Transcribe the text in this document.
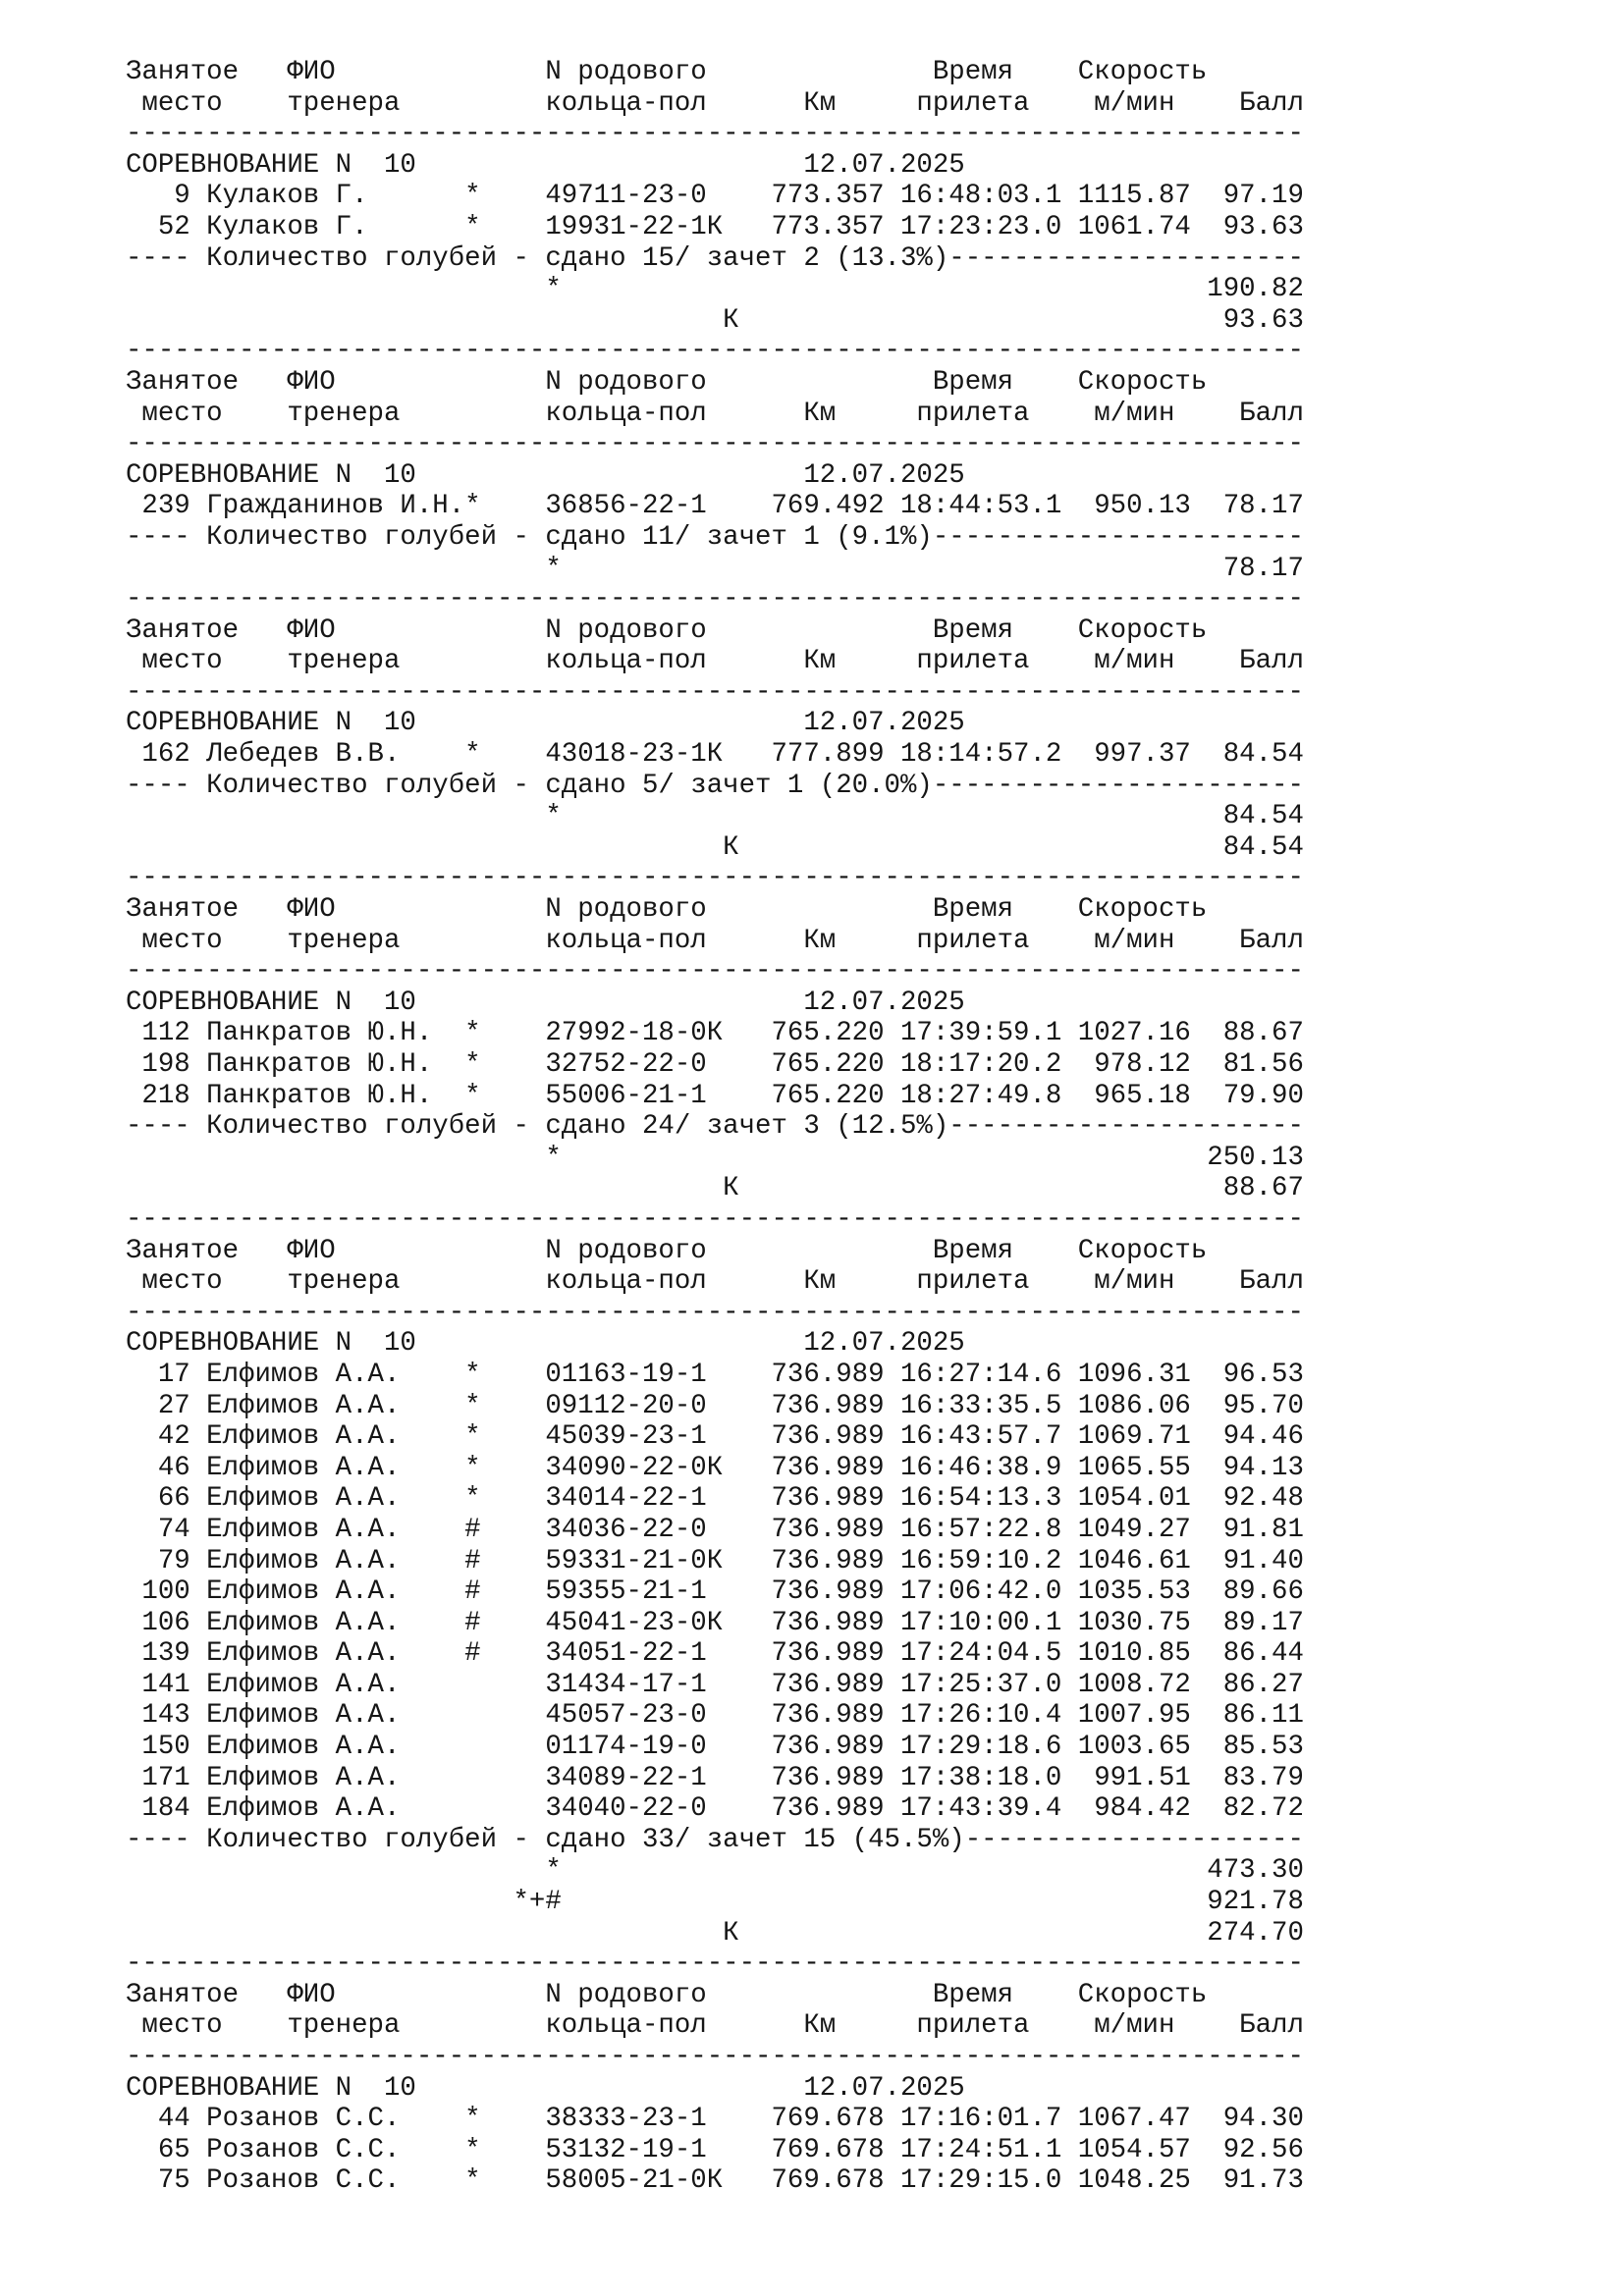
Занятое   ФИО             N родового              Время    Скорость
место    тренера         кольца-пол      Км     прилета    м/мин    Балл
-------------------------------------------------------------------------
СОРЕВНОВАНИЕ N  10                        12.07.2025
9 Кулаков Г.      *    49711-23-0    773.357 16:48:03.1 1115.87  97.19
52 Кулаков Г.      *    19931-22-1К   773.357 17:23:23.0 1061.74  93.63
---- Количество голубей - сдано 15/ зачет 2 (13.3%)----------------------
*                                        190.82
К                              93.63
-------------------------------------------------------------------------
Занятое   ФИО             N родового              Время    Скорость
место    тренера         кольца-пол      Км     прилета    м/мин    Балл
-------------------------------------------------------------------------
СОРЕВНОВАНИЕ N  10                        12.07.2025
239 Гражданинов И.Н.*    36856-22-1    769.492 18:44:53.1  950.13  78.17
---- Количество голубей - сдано 11/ зачет 1 (9.1%)-----------------------
*                                         78.17
-------------------------------------------------------------------------
Занятое   ФИО             N родового              Время    Скорость
место    тренера         кольца-пол      Км     прилета    м/мин    Балл
-------------------------------------------------------------------------
СОРЕВНОВАНИЕ N  10                        12.07.2025
162 Лебедев В.В.    *    43018-23-1К   777.899 18:14:57.2  997.37  84.54
---- Количество голубей - сдано 5/ зачет 1 (20.0%)-----------------------
*                                         84.54
К                              84.54
-------------------------------------------------------------------------
Занятое   ФИО             N родового              Время    Скорость
место    тренера         кольца-пол      Км     прилета    м/мин    Балл
-------------------------------------------------------------------------
СОРЕВНОВАНИЕ N  10                        12.07.2025
112 Панкратов Ю.Н.  *    27992-18-0К   765.220 17:39:59.1 1027.16  88.67
198 Панкратов Ю.Н.  *    32752-22-0    765.220 18:17:20.2  978.12  81.56
218 Панкратов Ю.Н.  *    55006-21-1    765.220 18:27:49.8  965.18  79.90
---- Количество голубей - сдано 24/ зачет 3 (12.5%)----------------------
*                                        250.13
К                              88.67
-------------------------------------------------------------------------
Занятое   ФИО             N родового              Время    Скорость
место    тренера         кольца-пол      Км     прилета    м/мин    Балл
-------------------------------------------------------------------------
СОРЕВНОВАНИЕ N  10                        12.07.2025
17 Елфимов А.А.    *    01163-19-1    736.989 16:27:14.6 1096.31  96.53
27 Елфимов А.А.    *    09112-20-0    736.989 16:33:35.5 1086.06  95.70
42 Елфимов А.А.    *    45039-23-1    736.989 16:43:57.7 1069.71  94.46
46 Елфимов А.А.    *    34090-22-0К   736.989 16:46:38.9 1065.55  94.13
66 Елфимов А.А.    *    34014-22-1    736.989 16:54:13.3 1054.01  92.48
74 Елфимов А.А.    #    34036-22-0    736.989 16:57:22.8 1049.27  91.81
79 Елфимов А.А.    #    59331-21-0К   736.989 16:59:10.2 1046.61  91.40
100 Елфимов А.А.    #    59355-21-1    736.989 17:06:42.0 1035.53  89.66
106 Елфимов А.А.    #    45041-23-0К   736.989 17:10:00.1 1030.75  89.17
139 Елфимов А.А.    #    34051-22-1    736.989 17:24:04.5 1010.85  86.44
141 Елфимов А.А.         31434-17-1    736.989 17:25:37.0 1008.72  86.27
143 Елфимов А.А.         45057-23-0    736.989 17:26:10.4 1007.95  86.11
150 Елфимов А.А.         01174-19-0    736.989 17:29:18.6 1003.65  85.53
171 Елфимов А.А.         34089-22-1    736.989 17:38:18.0  991.51  83.79
184 Елфимов А.А.         34040-22-0    736.989 17:43:39.4  984.42  82.72
---- Количество голубей - сдано 33/ зачет 15 (45.5%)---------------------
*                                        473.30
*+#                                        921.78
К                             274.70
-------------------------------------------------------------------------
Занятое   ФИО             N родового              Время    Скорость
место    тренера         кольца-пол      Км     прилета    м/мин    Балл
-------------------------------------------------------------------------
СОРЕВНОВАНИЕ N  10                        12.07.2025
44 Розанов С.С.    *    38333-23-1    769.678 17:16:01.7 1067.47  94.30
65 Розанов С.С.    *    53132-19-1    769.678 17:24:51.1 1054.57  92.56
75 Розанов С.С.    *    58005-21-0К   769.678 17:29:15.0 1048.25  91.73
